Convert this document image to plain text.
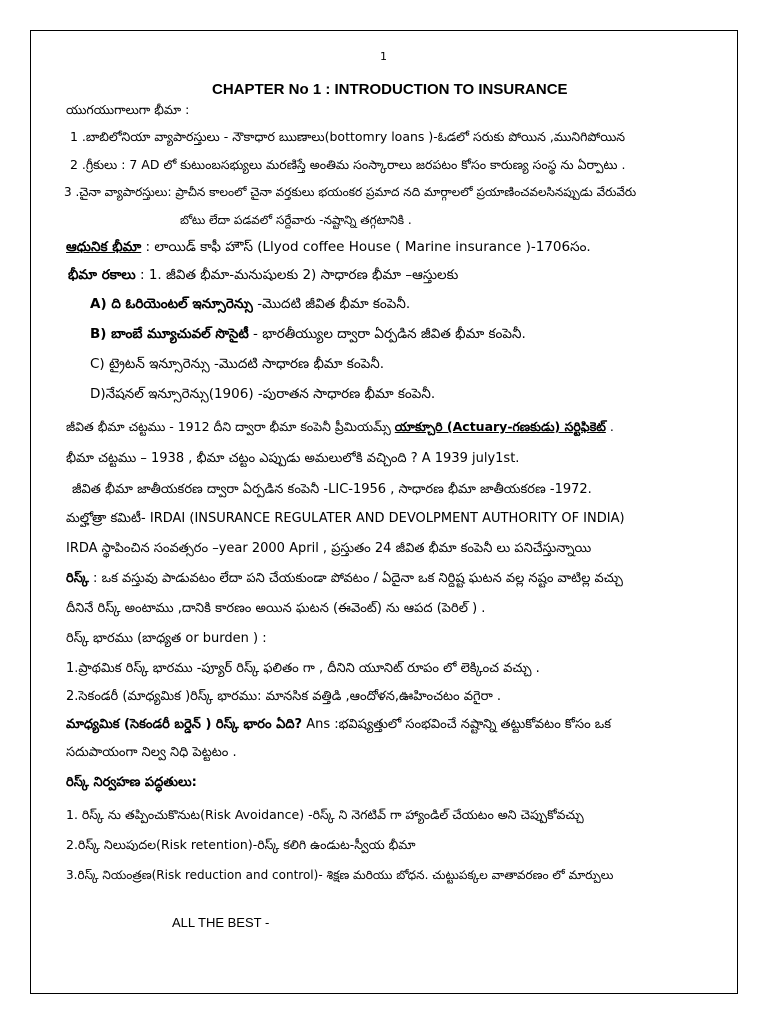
1
CHAPTER No 1 : INTRODUCTION TO INSURANCE
యుగయుగాలుగా భీమా :
1 .బాబిలోనియా వ్యాపారస్తులు - నౌకాధార ఋణాలు(bottomry loans )-ఓడలో సరుకు పోయిన ,మునిగిపోయిన
2 .గ్రీకులు : 7 AD లో కుటుంబసభ్యులు మరణిస్తే అంతిమ సంస్కారాలు జరపటం కోసం కారుణ్య సంస్థ ను ఏర్పాటు .
3 .చైనా వ్యాపారస్తులు: ప్రాచీన కాలంలో చైనా వర్తకులు భయంకర ప్రమాద నది మార్గాలలో ప్రయాణించవలసినప్పుడు వేరువేరు
బోటు లేదా పడవలో సర్దేవారు -నష్టాన్ని తగ్గటానికి .
ఆధునిక భీమా : లాయిడ్ కాఫీ హౌస్ (Llyod coffee House ( Marine insurance )-1706సం.
భీమా రకాలు : 1. జీవిత భీమా-మనుషులకు 2) సాధారణ భీమా –ఆస్తులకు
A) ది ఓరియెంటల్ ఇన్సూరెన్సు -మొదటి జీవిత భీమా కంపెనీ.
B) బాంబే మ్యూచువల్ సొసైటీ - భారతీయ్యుల ద్వారా ఏర్పడిన జీవిత భీమా కంపెనీ.
C) ట్రైటన్ ఇన్సూరెన్సు -మొదటి సాధారణ భీమా కంపెనీ.
D)నేషనల్ ఇన్సూరెన్సు(1906) -పురాతన సాధారణ భీమా కంపెనీ.
జీవిత భీమా చట్టము - 1912 దీని ద్వారా భీమా కంపెనీ ప్రీమియమ్స్ యాక్చూరి (Actuary-గణకుడు) సర్టిఫికెట్ .
భీమా చట్టము – 1938 , భీమా చట్టం ఎప్పుడు అమలులోకి వచ్చింది ? A 1939 july1st.
జీవిత భీమా జాతీయకరణ ద్వారా ఏర్పడిన కంపెనీ -LIC-1956 , సాధారణ భీమా జాతీయకరణ -1972.
మల్హోత్రా కమిటీ- IRDAI (INSURANCE REGULATER AND DEVOLPMENT AUTHORITY OF INDIA)
IRDA స్థాపించిన సంవత్సరం –year 2000 April , ప్రస్తుతం 24 జీవిత భీమా కంపెనీ లు పనిచేస్తున్నాయి
రిస్క్ : ఒక వస్తువు పాడువటం లేదా పని చేయకుండా పోవటం / ఏదైనా ఒక నిర్దిష్ట ఘటన వల్ల నష్టం వాటిల్ల వచ్చు
దీనినే రిస్క్ అంటాము ,దానికి కారణం అయిన ఘటన (ఈవెంట్) ను ఆపద (పెరిల్ ) .
రిస్క్ భారము (బాధ్యత or burden ) :
1.ప్రాథమిక రిస్క్ భారము -ప్యూర్ రిస్క్ ఫలితం గా , దీనిని యూనిట్ రూపం లో లెక్కించ వచ్చు .
2.సెకండరీ (మాధ్యమిక )రిస్క్ భారము: మానసిక వత్తిడి ,ఆందోళన,ఊహించటం వగైరా .
మాధ్యమిక (సెకండరీ బర్డెన్ ) రిస్క్ భారం ఏది? Ans :భవిష్యత్తులో సంభవించే నష్టాన్ని తట్టుకోవటం కోసం ఒక
సదుపాయంగా నిల్వ నిధి పెట్టటం .
రిస్క్ నిర్వహణ పద్ధతులు:
1. రిస్క్ ను తప్పించుకొనుట(Risk Avoidance) -రిస్క్ ని నెగటివ్ గా హ్యాండిల్ చేయటం అని చెప్పుకోవచ్చు
2.రిస్క్ నిలుపుదల(Risk retention)-రిస్క్ కలిగి ఉండుట-స్వీయ భీమా
3.రిస్క్ నియంత్రణ(Risk reduction and control)- శిక్షణ మరియు బోధన. చుట్టుపక్కల వాతావరణం లో మార్పులు
ALL THE BEST -
